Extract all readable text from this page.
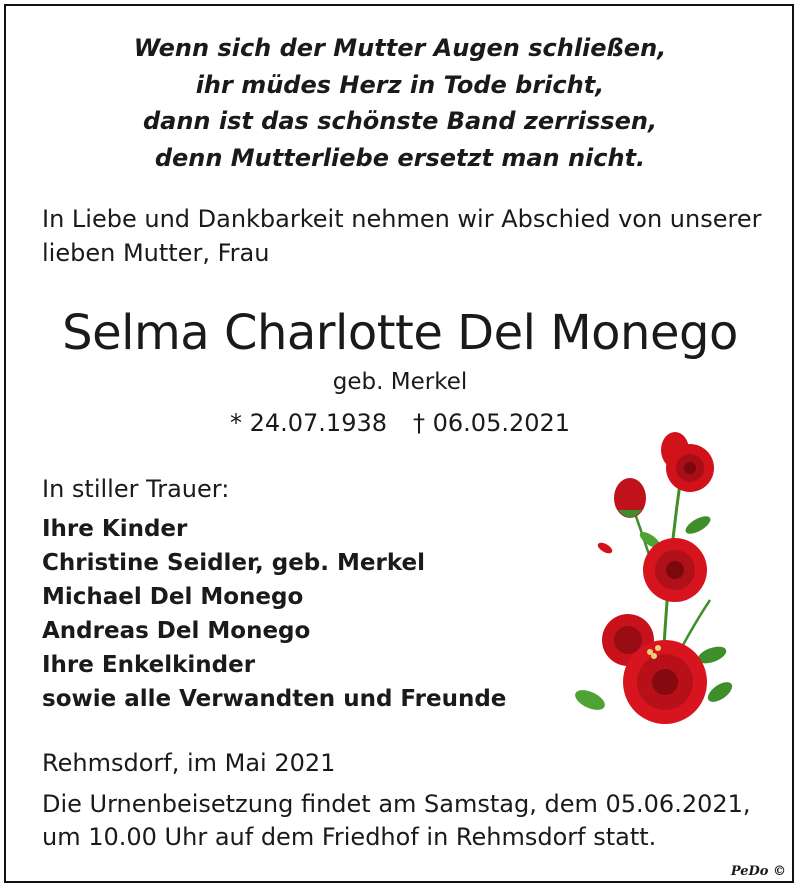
Wenn sich der Mutter Augen schließen,
ihr müdes Herz in Tode bricht,
dann ist das schönste Band zerrissen,
denn Mutterliebe ersetzt man nicht.
In Liebe und Dankbarkeit nehmen wir Abschied von unserer
lieben Mutter, Frau
Selma Charlotte Del Monego
geb. Merkel
* 24.07.1938 † 06.05.2021
In stiller Trauer:
Ihre Kinder
Christine Seidler, geb. Merkel
Michael Del Monego
Andreas Del Monego
Ihre Enkelkinder
sowie alle Verwandten und Freunde
Rehmsdorf, im Mai 2021
Die Urnenbeisetzung findet am Samstag, dem 05.06.2021,
um 10.00 Uhr auf dem Friedhof in Rehmsdorf statt.
PeDo ©
